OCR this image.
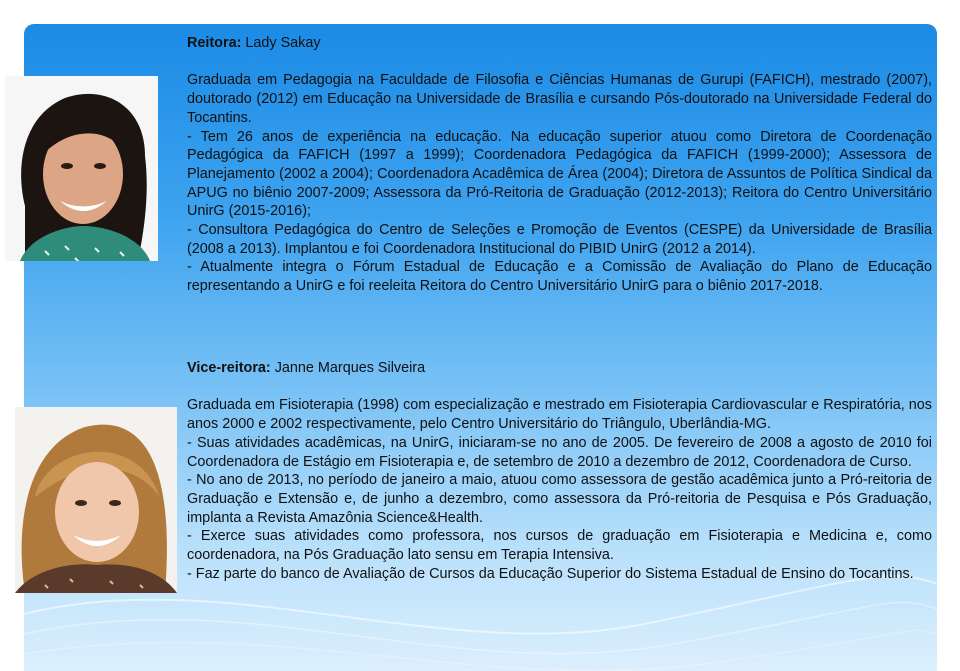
Reitora: Lady Sakay

Graduada em Pedagogia na Faculdade de Filosofia e Ciências Humanas de Gurupi (FAFICH), mestrado (2007), doutorado (2012) em Educação na Universidade de Brasília e cursando Pós-doutorado na Universidade Federal do Tocantins.

- Tem 26 anos de experiência na educação. Na educação superior atuou como Diretora de Coordenação Pedagógica da FAFICH (1997 a 1999); Coordenadora Pedagógica da FAFICH (1999-2000); Assessora de Planejamento (2002 a 2004); Coordenadora Acadêmica de Área (2004); Diretora de Assuntos de Política Sindical da APUG no biênio 2007-2009; Assessora da Pró-Reitoria de Graduação (2012-2013); Reitora do Centro Universitário UnirG (2015-2016);

- Consultora Pedagógica do Centro de Seleções e Promoção de Eventos (CESPE) da Universidade de Brasília (2008 a 2013). Implantou e foi Coordenadora Institucional do PIBID UnirG (2012 a 2014).

- Atualmente integra o Fórum Estadual de Educação e a Comissão de Avaliação do Plano de Educação representando a UnirG e foi reeleita Reitora do Centro Universitário UnirG para o biênio 2017-2018.

Vice-reitora: Janne Marques Silveira

Graduada em Fisioterapia (1998) com especialização e mestrado em Fisioterapia Cardiovascular e Respiratória, nos anos 2000 e 2002 respectivamente, pelo Centro Universitário do Triângulo, Uberlândia-MG.

- Suas atividades acadêmicas, na UnirG, iniciaram-se no ano de 2005. De fevereiro de 2008 a agosto de 2010 foi Coordenadora de Estágio em Fisioterapia e, de setembro de 2010 a dezembro de 2012, Coordenadora de Curso.

- No ano de 2013, no período de janeiro a maio, atuou como assessora de gestão acadêmica junto a Pró-reitoria de Graduação e Extensão e, de junho a dezembro, como assessora da Pró-reitoria de Pesquisa e Pós Graduação, implanta a Revista Amazônia Science&Health.

- Exerce suas atividades como professora, nos cursos de graduação em Fisioterapia e Medicina e, como coordenadora, na Pós Graduação lato sensu em Terapia Intensiva.

- Faz parte do banco de Avaliação de Cursos da Educação Superior do Sistema Estadual de Ensino do Tocantins.
